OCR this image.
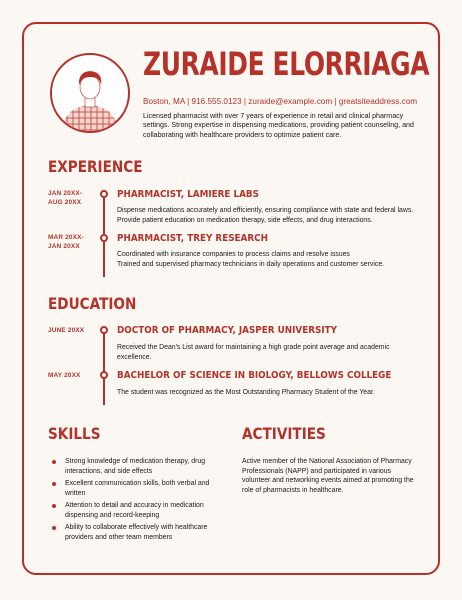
ZURAIDE ELORRIAGA
Boston, MA | 916.555.0123 | zuraide@example.com | greatsiteaddress.com
Licensed pharmacist with over 7 years of experience in retail and clinical pharmacy settings. Strong expertise in dispensing medications, providing patient counseling, and collaborating with healthcare providers to optimize patient care.
EXPERIENCE
JAN 20XX-
AUG 20XX
PHARMACIST, LAMIERE LABS
Dispense medications accurately and efficiently, ensuring compliance with state and federal laws. Provide patient education on medication therapy, side effects, and drug interactions.
MAR 20XX-
JAN 20XX
PHARMACIST, TREY RESEARCH
Coordinated with insurance companies to process claims and resolve issues
Trained and supervised pharmacy technicians in daily operations and customer service.
EDUCATION
JUNE 20XX	DOCTOR OF PHARMACY, JASPER UNIVERSITY
Received the Dean's List award for maintaining a high grade point average and academic excellence.
MAY 20XX	BACHELOR OF SCIENCE IN BIOLOGY, BELLOWS COLLEGE
The student was recognized as the Most Outstanding Pharmacy Student of the Year.
SKILLS
Strong knowledge of medication therapy, drug interactions, and side effects
Excellent communication skills, both verbal and written
Attention to detail and accuracy in medication dispensing and record-keeping
Ability to collaborate effectively with healthcare providers and other team members
ACTIVITIES
Active member of the National Association of Pharmacy Professionals (NAPP) and participated in various volunteer and networking events aimed at promoting the role of pharmacists in healthcare.
